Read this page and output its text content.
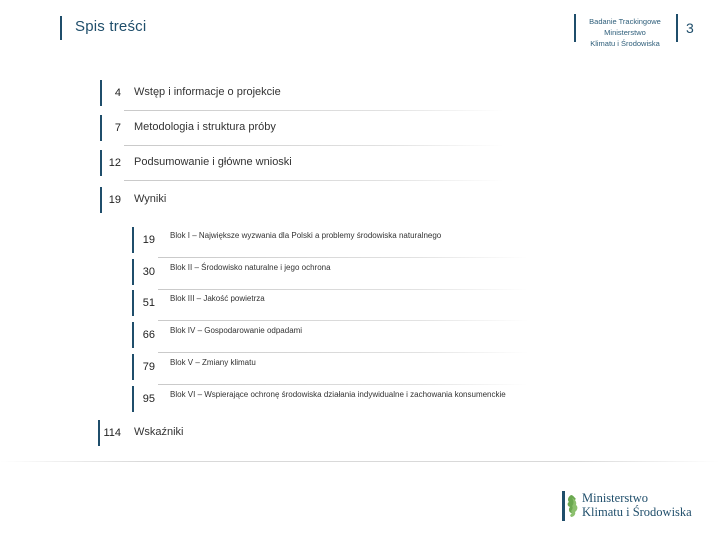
Spis treści	Badanie Trackingowe
Ministerstwo
Klimatu i Środowiska
3
4 Wstęp i informacje o projekcie
7 Metodologia i struktura próby
12 Podsumowanie i główne wnioski
19 Wyniki
19	Blok I – Największe wyzwania dla Polski a problemy środowiska naturalnego
30	Blok II – Środowisko naturalne i jego ochrona
51	Blok III – Jakość powietrza
66	Blok IV – Gospodarowanie odpadami
79	Blok V – Zmiany klimatu
95	Blok VI – Wspierające ochronę środowiska działania indywidualne i zachowania konsumenckie
114 Wskaźniki
Ministerstwo
Klimatu i Środowiska
